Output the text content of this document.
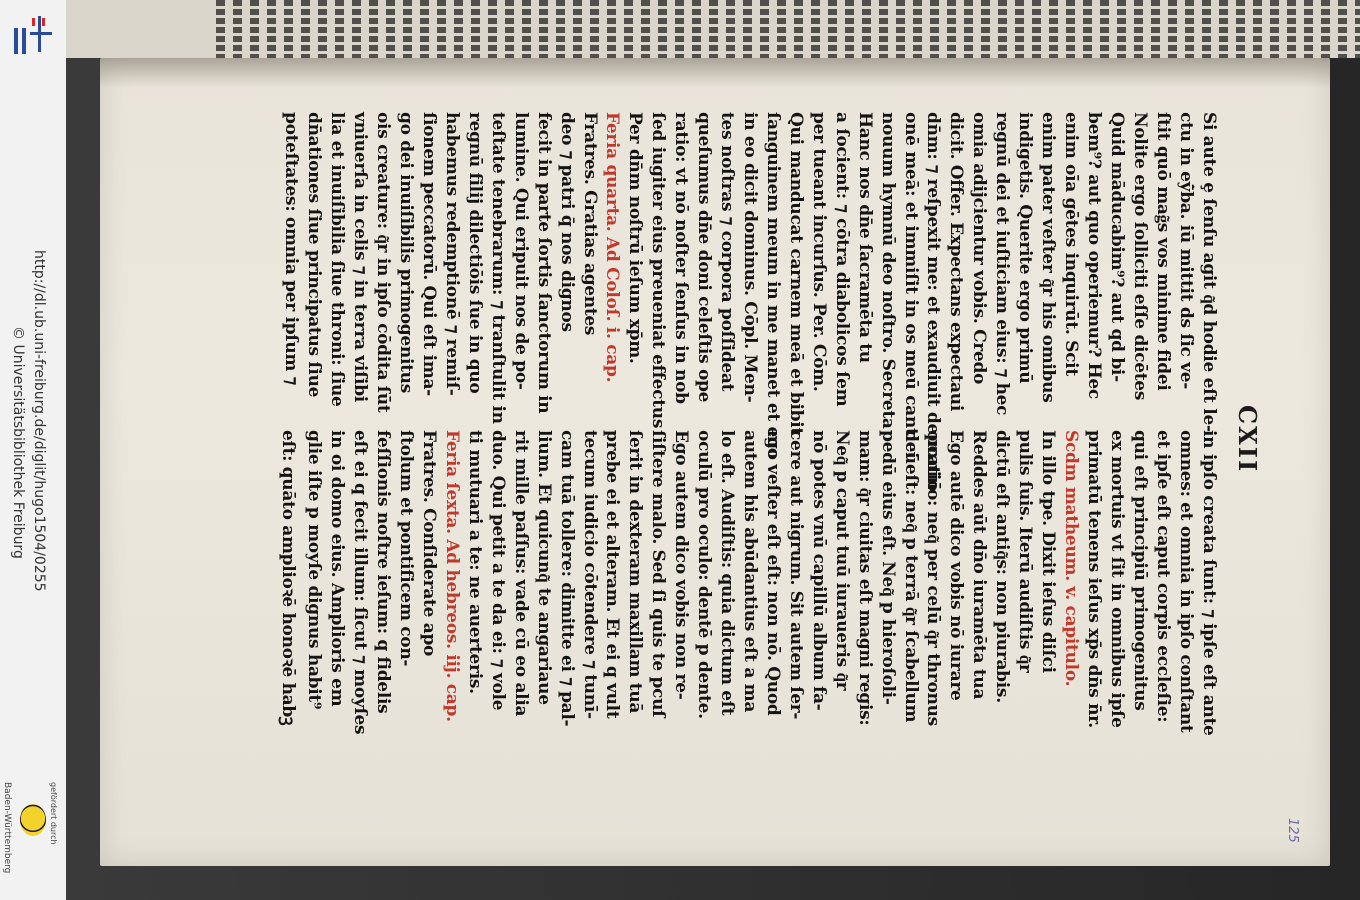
http://dl.ub.uni-freiburg.de/diglit/hugo1504/0255
© Universitätsbibliothek Freiburg
gefördert durch
Baden-Württemberg
CXII
125
Si aute ȩ ſenſu agit q͂d hodie eſt le-
ctu in eẏ̄ba. iū mittit ds ſic ve-
ſtit quō mag͂s vos minime fidei
Nolite ergo ſolliciti eſſe dicētes
Quid māducabim⁹? aut qd bi-
bem⁹? aut quo operiemur? Hec
enim oīa gētes inquirūt. Scit
enim pater veſter q͂r his omibus
indigetis. Querite ergo primū
regnū dei et iuſticiam eius: ⁊ hec
omia adijcientur vobis. Credo
dicit. Offer. Expectans expectaui
dn̄m: ⁊ reſpexit me: et exaudiuit depcatiō
onē meā: et immiſit in os meū canticū
nouum hymnū deo noſtro. Secreta
Hanc nos dn̄e ſacramēta tu
a ſocient: ⁊ cōtra diabolicos ſem
per tueant incurſus. Per. Cōm.
Qui manducat carnem meā et bibit
ſanguinem meum in me manet et ego
in eo dicit dominus. Cōpl. Men-
tes noſtras ⁊ corpora poſſideat
queſumus dn̄e doni celeſtis ope
ratio: vt nō noſter ſenſus in nob
ſed iugiter eius preueniat effectus
Per dn̄m noſtrū ieſum xp̄m.
Feria quarta. Ad Coloſ. i. cap.
Fratres. Gratias agentes
deo ⁊ patri q̄ nos dignos
fecit in parte ſortis ſanctorum in
lumine. Qui eripuit nos de po-
teſtate tenebrarum: ⁊ tranſtulit in
regnū filij dilectiōis ſue in quo
habemus redemptionē ⁊ remiſ-
ſionem peccatorū. Qui eſt ima-
go dei inuiſibilis primogenitus
ois creature: q͂r in ipſo cōdita ſūt
vniuerſa in celis ⁊ in terra viſibi
lia et inuiſibilia ſiue throni: ſiue
dn̄ationes ſiue principatus ſiue
poteſtates: omnia per ipſum ⁊
in ipſo creata ſunt: ⁊ ipſe eſt ante
omnes: et omnia in ipſo conſtant
et ipſe eſt caput corpis eccleſie:
qui eſt principiū primogenitus
ex mortuis vt ſit in omnibus ipſe
primatū tenens ieſus xp̄s dn̄s n̄r.
Scdm matheum. v. capitulo.
In illo tpe. Dixit ieſus diſci
pulis ſuis. Iterū audiſtis q͂r
dictū eſt antiq͂s: non piurabis.
Reddes aūt dn̄o iuramēta tua
Ego autē dico vobis nō iurare
omnino: neq͂ per celū q͂r thronus
dei eſt: neq͂ p terrā q͂r ſcabellum
pedū eius eſt. Neq͂ p hieroſoli-
mam: q͂r ciuitas eſt magni regis:
Neq͂ p caput tuū iuraueris q͂r
nō potes vnū capillū album fa-
cere aut nigrum. Sit autem ſer-
mo veſter eſt eſt: non nō. Quod
autem his abūdantius eſt a ma
lo eſt. Audiſtis: quia dictum eſt
oculū pro oculo: dentē p dente.
Ego autem dico vobis non re-
ſiſtere malo. Sed ſi quis te pcuſ
ſerit in dexteram maxillam tuā
prebe ei et alteram. Et ei q vult
tecum iudicio cōtendere ⁊ tunī-
cam tuā tollere: dimitte ei ⁊ pal-
lium. Et quicunq͂ te angariaue
rit mille paſſus: vade cū eo alia
duo. Qui petit a te da ei: ⁊ vole
ti mutuari a te: ne auerteris.
Feria ſexta. Ad hebreos. iij. cap.
Fratres. Conſiderate apo
ſtolum et pontificem con-
feſſionis noſtre ieſum: q fidelis
eſt ei q fecit illum: ſicut ⁊ moyſes
in oi domo eius. Amplioris em
glie iſte p moyſe dignus habit⁹
eſt: quāto amplioꝛē honoꝛē habꝫ
